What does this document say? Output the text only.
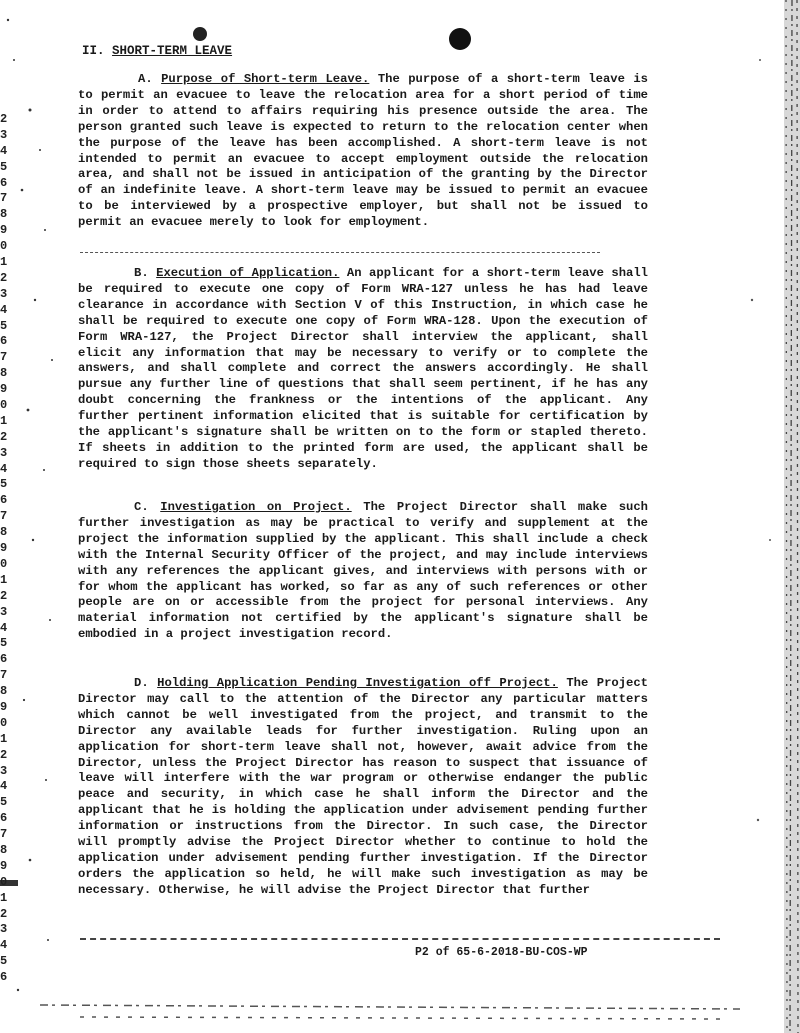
2
3
4
5
6
7
8
9
0
1
2
3
4
5
6
7
8
9
0
1
2
3
4
5
6
7
8
9
0
1
2
3
4
5
6
7
8
9
0
1
2
3
4
5
6
7
8
9
0
1
2
3
4
5
6
II. SHORT-TERM LEAVE
A. Purpose of Short-term Leave. The purpose of a short-term leave is to permit an evacuee to leave the relocation area for a short period of time in order to attend to affairs requiring his presence outside the area. The person granted such leave is expected to return to the relocation center when the purpose of the leave has been accomplished. A short-term leave is not intended to permit an evacuee to accept employment outside the relocation area, and shall not be issued in anticipation of the granting by the Director of an indefinite leave. A short-term leave may be issued to permit an evacuee to be interviewed by a prospective employer, but shall not be issued to permit an evacuee merely to look for employment.
B. Execution of Application. An applicant for a short-term leave shall be required to execute one copy of Form WRA-127 unless he has had leave clearance in accordance with Section V of this Instruction, in which case he shall be required to execute one copy of Form WRA-128. Upon the execution of Form WRA-127, the Project Director shall interview the applicant, shall elicit any information that may be necessary to verify or to complete the answers, and shall complete and correct the answers accordingly. He shall pursue any further line of questions that shall seem pertinent, if he has any doubt concerning the frankness or the intentions of the applicant. Any further pertinent information elicited that is suitable for certification by the applicant's signature shall be written on to the form or stapled thereto. If sheets in addition to the printed form are used, the applicant shall be required to sign those sheets separately.
C. Investigation on Project. The Project Director shall make such further investigation as may be practical to verify and supplement at the project the information supplied by the applicant. This shall include a check with the Internal Security Officer of the project, and may include interviews with any references the applicant gives, and interviews with persons with or for whom the applicant has worked, so far as any of such references or other people are on or accessible from the project for personal interviews. Any material information not certified by the applicant's signature shall be embodied in a project investigation record.
D. Holding Application Pending Investigation off Project. The Project Director may call to the attention of the Director any particular matters which cannot be well investigated from the project, and transmit to the Director any available leads for further investigation. Ruling upon an application for short-term leave shall not, however, await advice from the Director, unless the Project Director has reason to suspect that issuance of leave will interfere with the war program or otherwise endanger the public peace and security, in which case he shall inform the Director and the applicant that he is holding the application under advisement pending further information or instructions from the Director. In such case, the Director will promptly advise the Project Director whether to continue to hold the application under advisement pending further investigation. If the Director orders the application so held, he will make such investigation as may be necessary. Otherwise, he will advise the Project Director that further
P2 of 65-6-2018-BU-COS-WP
